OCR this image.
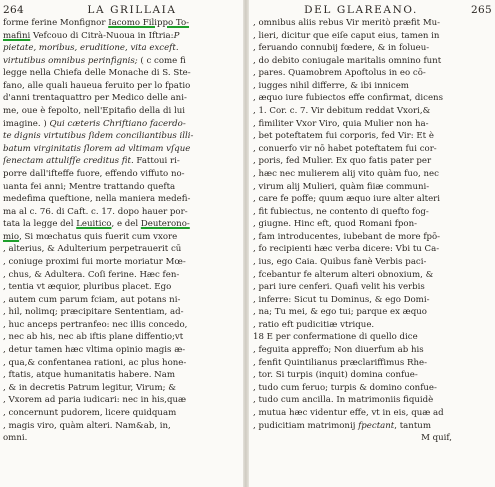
264	LA GRILLAIA
forme ferine Monfignor Iacomo Filippo To-
mafini Vefcouo di Citrà-Nuoua in Iftria:P
pietate, moribus, eruditione, vita exceft.
virtutibus omnibus perinfignis; ( c come fi
legge nella Chiefa delle Monache di S. Ste-
fano, alle quali haueua feruito per lo fpatio
d'anni trentaquattro per Medico delle ani-
me, oue è fepolto, nell'Epitafio della di lui
imagine. ) Qui cæteris Chriftiano facerdo-
te dignis virtutibus ſidem conciliantibus illi-
batum virginitatis ſlorem ad vltimam vſque
ſenectam attulifſe creditus fit. Fattoui ri-
porre dall'ifteffe fuore, effendo viffuto no-
uanta fei anni; Mentre trattando quefta
medefima queftione, nella maniera medefi-
ma al c. 76. di Caft. c. 17. dopo hauer por-
tata la legge del Leuitico, e del Deuterono-
mio, Si mœchatus quis fuerit cum vxore
, alterius, & Adulterium perpetrauerit cū
, coniuge proximi fui morte moriatur Mœ-
, chus, & Adultera. Coſi ferine. Hæc fen-
, tentia vt æquior, pluribus placet. Ego
, autem cum parum fciam, aut potans ni-
, hil, nolimq; præcipitare Sententiam, ad-
, huc anceps pertranfeo: nec illis concedo,
, nec ab his, nec ab iftis plane diffentio;vt
, detur tamen hæc vltima opinio magis æ-
, qua,& confentanea rationi, ac plus hone-
, ftatis, atque humanitatis habere. Nam
, & in decretis Patrum legitur, Virum; &
, Vxorem ad paria iudicari: nec in his,quæ
, concernunt pudorem, licere quidquam
, magis viro, quàm alteri. Nam&ab, in,
omni.
DEL GLAREANO.	265
, omnibus aliis rebus Vir meritò præfit Mu-
, lieri, dicitur que eiſe caput eius, tamen in
, feruando connubij fœdere, & in folueu-
, do debito coniugale maritalis omnino funt
, pares. Quamobrem Apoftolus in eo cō-
, iugges nihil differre, & ibi innicem
, æquo iure fubiectos effe confirmat, dicens
, 1. Cor. c. 7. Vir debitum reddat Vxori,&
, fimiliter Vxor Viro, quia Mulier non ha-
, bet poteftatem fui corporis, fed Vir: Et è
, conuerfo vir nō habet poteftatem fui cor-
, poris, fed Mulier. Ex quo fatis pater per
, hæc nec mulierem alij vito quàm fuo, nec
, virum alij Mulieri, quàm fiiæ communi-
, care fe poffe; quum æquo iure alter alteri
, fit fubiectus, ne contento di quefto fog-
, giugne. Hinc eft, quod Romani fpon-
, fam introducentes, iubebant de more fpō-
, fo recipienti hæc verba dicere: Vbi tu Ca-
, ius, ego Caia. Quibus fanè Verbis paci-
, fcebantur fe alterum alteri obnoxium, &
, pari iure cenferi. Quafi velit his verbis
, inferre: Sicut tu Dominus, & ego Domi-
, na; Tu mei, & ego tui; parque ex æquo
, ratio eft pudicitiæ vtrique.
18 E per confermatione di quello dice
, feguita appreffo; Non diuerfum ab his
, fenfit Quintilianus præclariffimus Rhe-
, tor. Si turpis (inquit) domina confue-
, tudo cum feruo; turpis & domino confue-
, tudo cum ancilla. In matrimoniis fiquidè
, mutua hæc videntur effe, vt in eis, quæ ad
, pudicitiam matrimonij fpectant, tantum
M quif,
